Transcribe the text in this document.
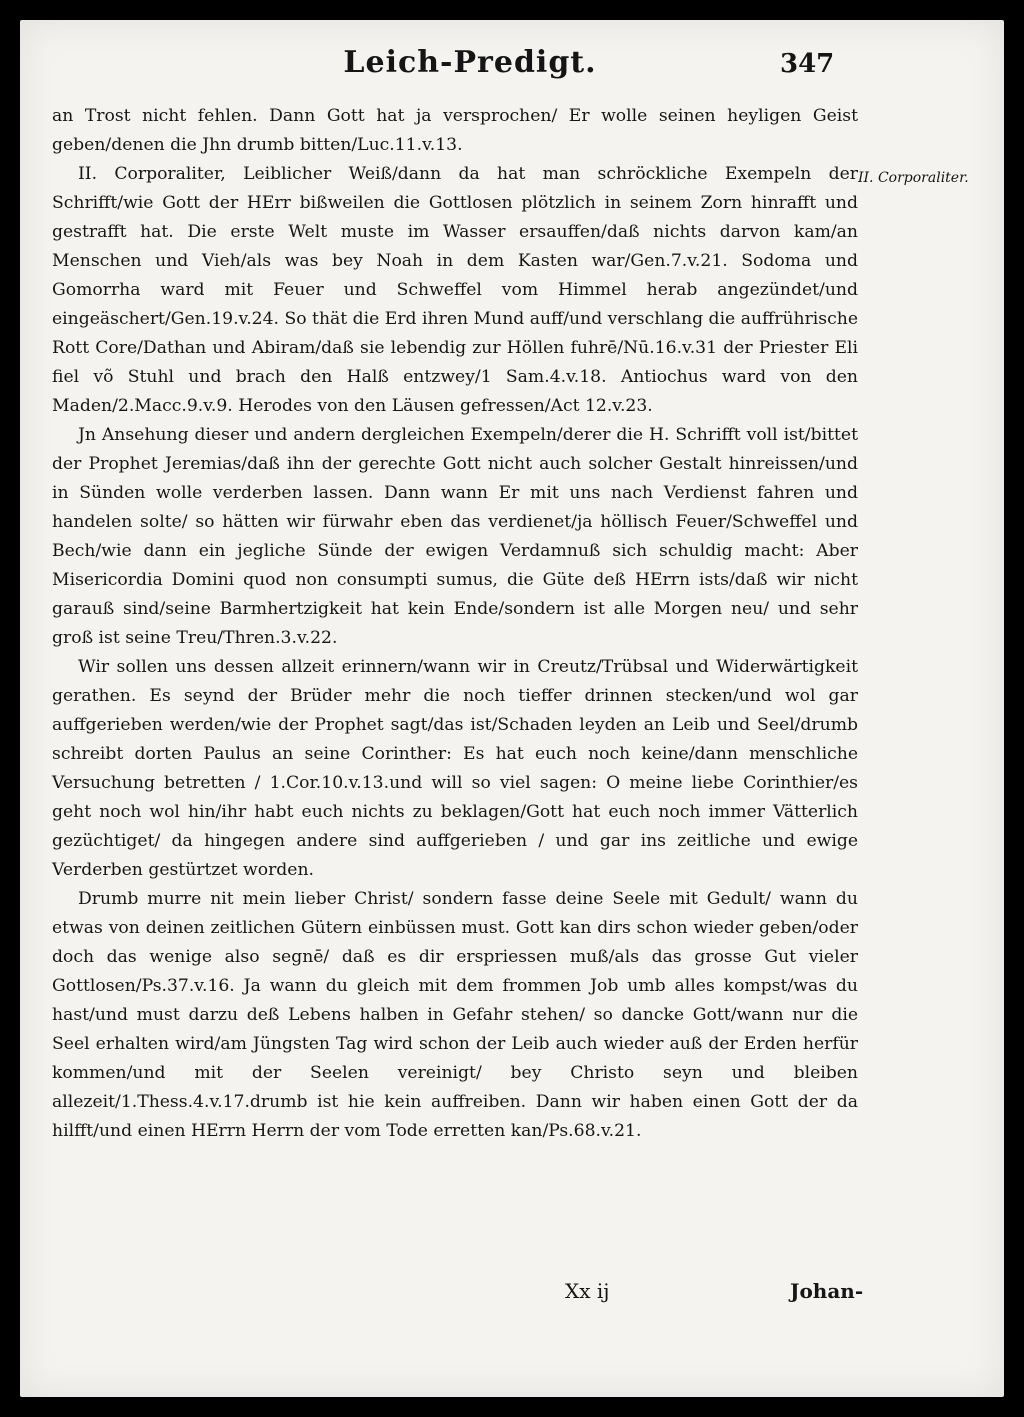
Leich-Predigt.	347
II. Corporaliter.

an Trost nicht fehlen. Dann Gott hat ja versprochen/ Er wolle seinen heyligen Geist geben/denen die Jhn drumb bitten/Luc.11.v.13.

II. Corporaliter, Leiblicher Weiß/dann da hat man schröckliche Exempeln der Schrifft/wie Gott der HErr bißweilen die Gottlosen plötzlich in seinem Zorn hinrafft und gestrafft hat. Die erste Welt muste im Wasser ersauffen/daß nichts darvon kam/an Menschen und Vieh/als was bey Noah in dem Kasten war/Gen.7.v.21. Sodoma und Gomorrha ward mit Feuer und Schweffel vom Himmel herab angezündet/und eingeäschert/Gen.19.v.24. So thät die Erd ihren Mund auff/und verschlang die auffrührische Rott Core/Dathan und Abiram/daß sie lebendig zur Höllen fuhrē/Nū.16.v.31 der Priester Eli fiel võ Stuhl und brach den Halß entzwey/1 Sam.4.v.18. Antiochus ward von den Maden/2.Macc.9.v.9. Herodes von den Läusen gefressen/Act 12.v.23.

Jn Ansehung dieser und andern dergleichen Exempeln/derer die H. Schrifft voll ist/bittet der Prophet Jeremias/daß ihn der gerechte Gott nicht auch solcher Gestalt hinreissen/und in Sünden wolle verderben lassen. Dann wann Er mit uns nach Verdienst fahren und handelen solte/ so hätten wir fürwahr eben das verdienet/ja höllisch Feuer/Schweffel und Bech/wie dann ein jegliche Sünde der ewigen Verdamnuß sich schuldig macht: Aber Misericordia Domini quod non consumpti sumus, die Güte deß HErrn ists/daß wir nicht garauß sind/seine Barmhertzigkeit hat kein Ende/sondern ist alle Morgen neu/ und sehr groß ist seine Treu/Thren.3.v.22.

Wir sollen uns dessen allzeit erinnern/wann wir in Creutz/Trübsal und Widerwärtigkeit gerathen. Es seynd der Brüder mehr die noch tieffer drinnen stecken/und wol gar auffgerieben werden/wie der Prophet sagt/das ist/Schaden leyden an Leib und Seel/drumb schreibt dorten Paulus an seine Corinther: Es hat euch noch keine/dann menschliche Versuchung betretten / 1.Cor.10.v.13.und will so viel sagen: O meine liebe Corinthier/es geht noch wol hin/ihr habt euch nichts zu beklagen/Gott hat euch noch immer Vätterlich gezüchtiget/ da hingegen andere sind auffgerieben / und gar ins zeitliche und ewige Verderben gestürtzet worden.

Drumb murre nit mein lieber Christ/ sondern fasse deine Seele mit Gedult/ wann du etwas von deinen zeitlichen Gütern einbüssen must. Gott kan dirs schon wieder geben/oder doch das wenige also segnē/ daß es dir erspriessen muß/als das grosse Gut vieler Gottlosen/Ps.37.v.16. Ja wann du gleich mit dem frommen Job umb alles kompst/was du hast/und must darzu deß Lebens halben in Gefahr stehen/ so dancke Gott/wann nur die Seel erhalten wird/am Jüngsten Tag wird schon der Leib auch wieder auß der Erden herfür kommen/und mit der Seelen vereinigt/ bey Christo seyn und bleiben allezeit/1.Thess.4.v.17.drumb ist hie kein auffreiben. Dann wir haben einen Gott der da hilfft/und einen HErrn Herrn der vom Tode erretten kan/Ps.68.v.21.

Xx ij	Johan-
